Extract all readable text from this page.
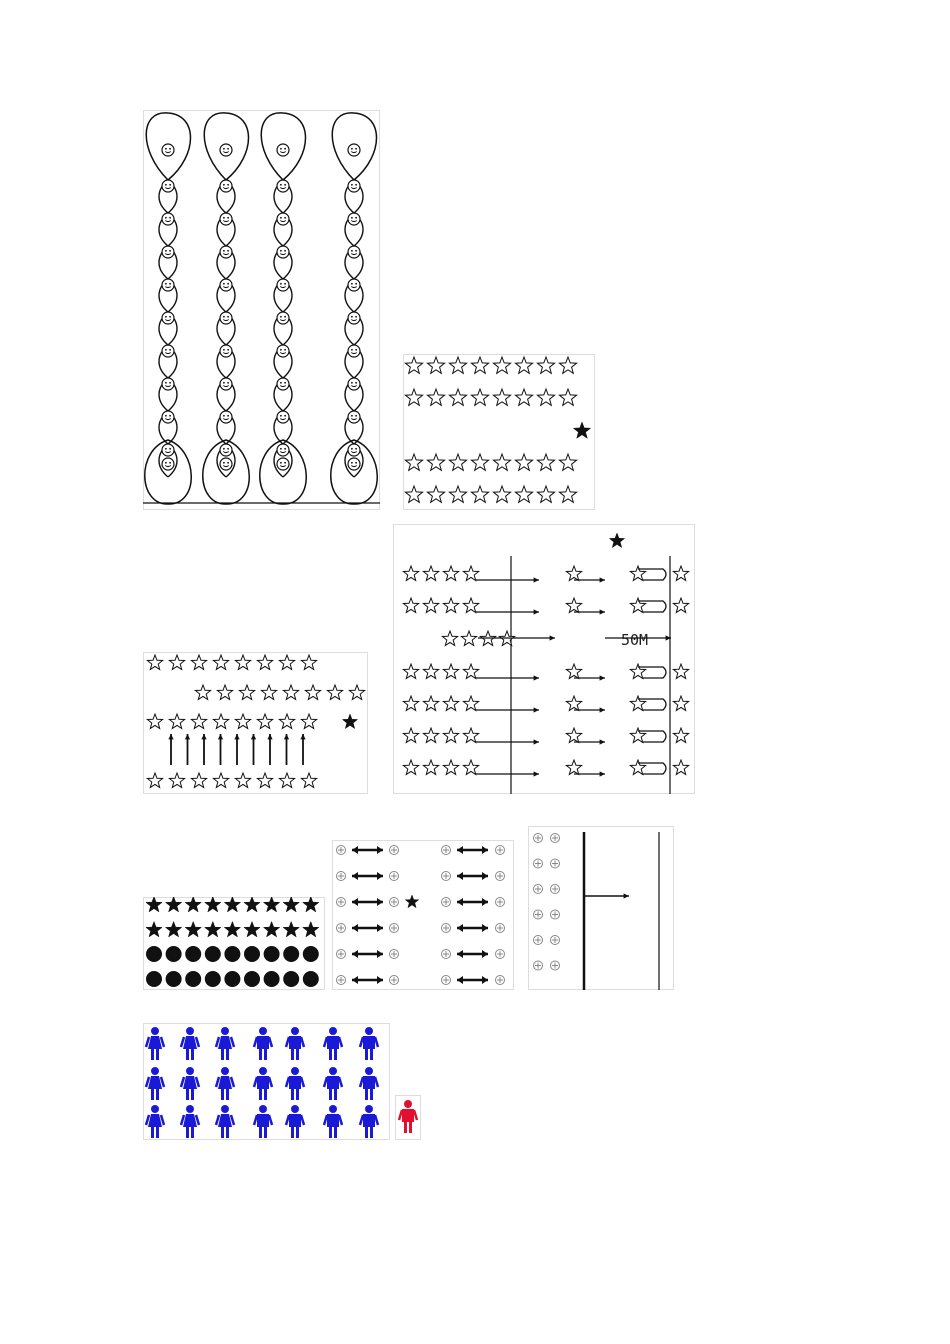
50M
